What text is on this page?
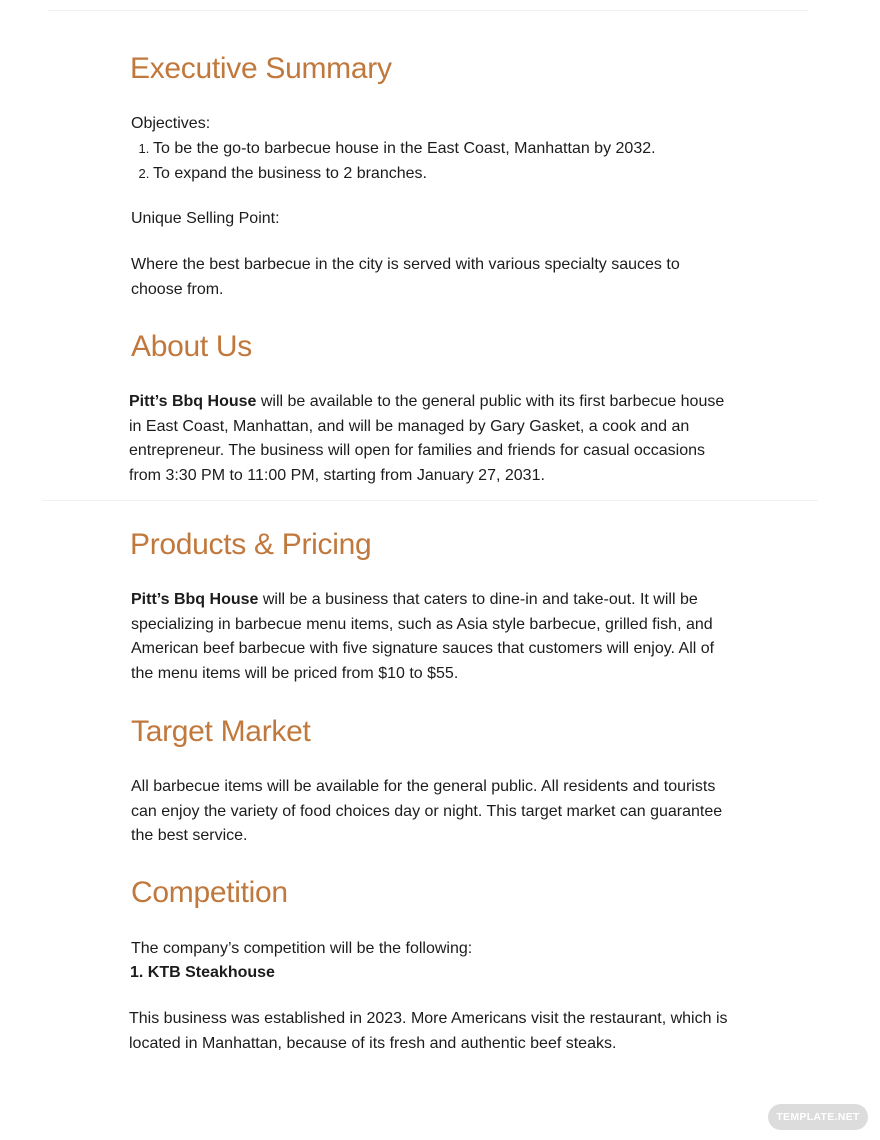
Executive Summary

Objectives:

1. To be the go-to barbecue house in the East Coast, Manhattan by 2032.
2. To expand the business to 2 branches.

Unique Selling Point:

Where the best barbecue in the city is served with various specialty sauces to choose from.

About Us

Pitt’s Bbq House will be available to the general public with its first barbecue house in East Coast, Manhattan, and will be managed by Gary Gasket, a cook and an entrepreneur. The business will open for families and friends for casual occasions from 3:30 PM to 11:00 PM, starting from January 27, 2031.

Products & Pricing

Pitt’s Bbq House will be a business that caters to dine-in and take-out. It will be specializing in barbecue menu items, such as Asia style barbecue, grilled fish, and American beef barbecue with five signature sauces that customers will enjoy. All of the menu items will be priced from $10 to $55.

Target Market

All barbecue items will be available for the general public. All residents and tourists can enjoy the variety of food choices day or night. This target market can guarantee the best service.

Competition

The company’s competition will be the following:

1. KTB Steakhouse

This business was established in 2023. More Americans visit the restaurant, which is located in Manhattan, because of its fresh and authentic beef steaks.

TEMPLATE.NET
